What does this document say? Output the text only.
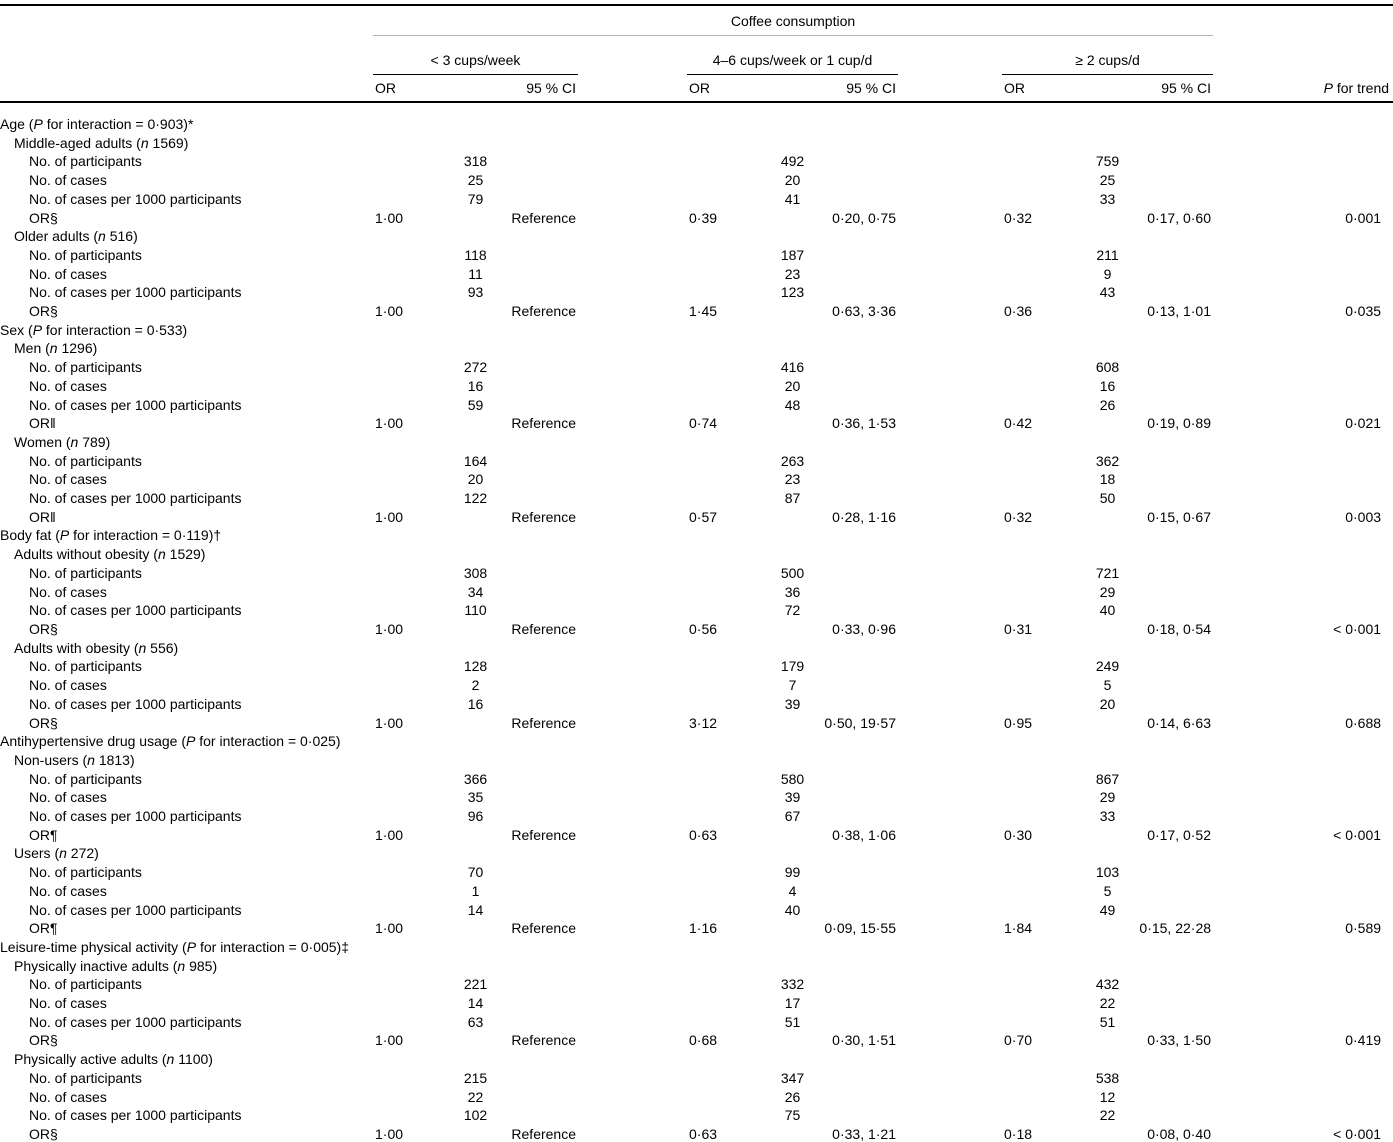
	Coffee consumption								
	< 3 cups/week			4–6 cups/week or 1 cup/d			≥ 2 cups/d		
	OR	95 % CI		OR	95 % CI		OR	95 % CI	P for trend
Age (P for interaction = 0·903)*									
Middle-aged adults (n 1569)									
No. of participants	318			492			759		
No. of cases	25			20			25		
No. of cases per 1000 participants	79			41			33		
OR§	1·00	Reference		0·39	0·20, 0·75		0·32	0·17, 0·60	0·001
Older adults (n 516)									
No. of participants	118			187			211		
No. of cases	11			23			9		
No. of cases per 1000 participants	93			123			43		
OR§	1·00	Reference		1·45	0·63, 3·36		0·36	0·13, 1·01	0·035
Sex (P for interaction = 0·533)									
Men (n 1296)									
No. of participants	272			416			608		
No. of cases	16			20			16		
No. of cases per 1000 participants	59			48			26		
OR‖	1·00	Reference		0·74	0·36, 1·53		0·42	0·19, 0·89	0·021
Women (n 789)									
No. of participants	164			263			362		
No. of cases	20			23			18		
No. of cases per 1000 participants	122			87			50		
OR‖	1·00	Reference		0·57	0·28, 1·16		0·32	0·15, 0·67	0·003
Body fat (P for interaction = 0·119)†									
Adults without obesity (n 1529)									
No. of participants	308			500			721		
No. of cases	34			36			29		
No. of cases per 1000 participants	110			72			40		
OR§	1·00	Reference		0·56	0·33, 0·96		0·31	0·18, 0·54	< 0·001
Adults with obesity (n 556)									
No. of participants	128			179			249		
No. of cases	2			7			5		
No. of cases per 1000 participants	16			39			20		
OR§	1·00	Reference		3·12	0·50, 19·57		0·95	0·14, 6·63	0·688
Antihypertensive drug usage (P for interaction = 0·025)									
Non-users (n 1813)									
No. of participants	366			580			867		
No. of cases	35			39			29		
No. of cases per 1000 participants	96			67			33		
OR¶	1·00	Reference		0·63	0·38, 1·06		0·30	0·17, 0·52	< 0·001
Users (n 272)									
No. of participants	70			99			103		
No. of cases	1			4			5		
No. of cases per 1000 participants	14			40			49		
OR¶	1·00	Reference		1·16	0·09, 15·55		1·84	0·15, 22·28	0·589
Leisure-time physical activity (P for interaction = 0·005)‡									
Physically inactive adults (n 985)									
No. of participants	221			332			432		
No. of cases	14			17			22		
No. of cases per 1000 participants	63			51			51		
OR§	1·00	Reference		0·68	0·30, 1·51		0·70	0·33, 1·50	0·419
Physically active adults (n 1100)									
No. of participants	215			347			538		
No. of cases	22			26			12		
No. of cases per 1000 participants	102			75			22		
OR§	1·00	Reference		0·63	0·33, 1·21		0·18	0·08, 0·40	< 0·001
